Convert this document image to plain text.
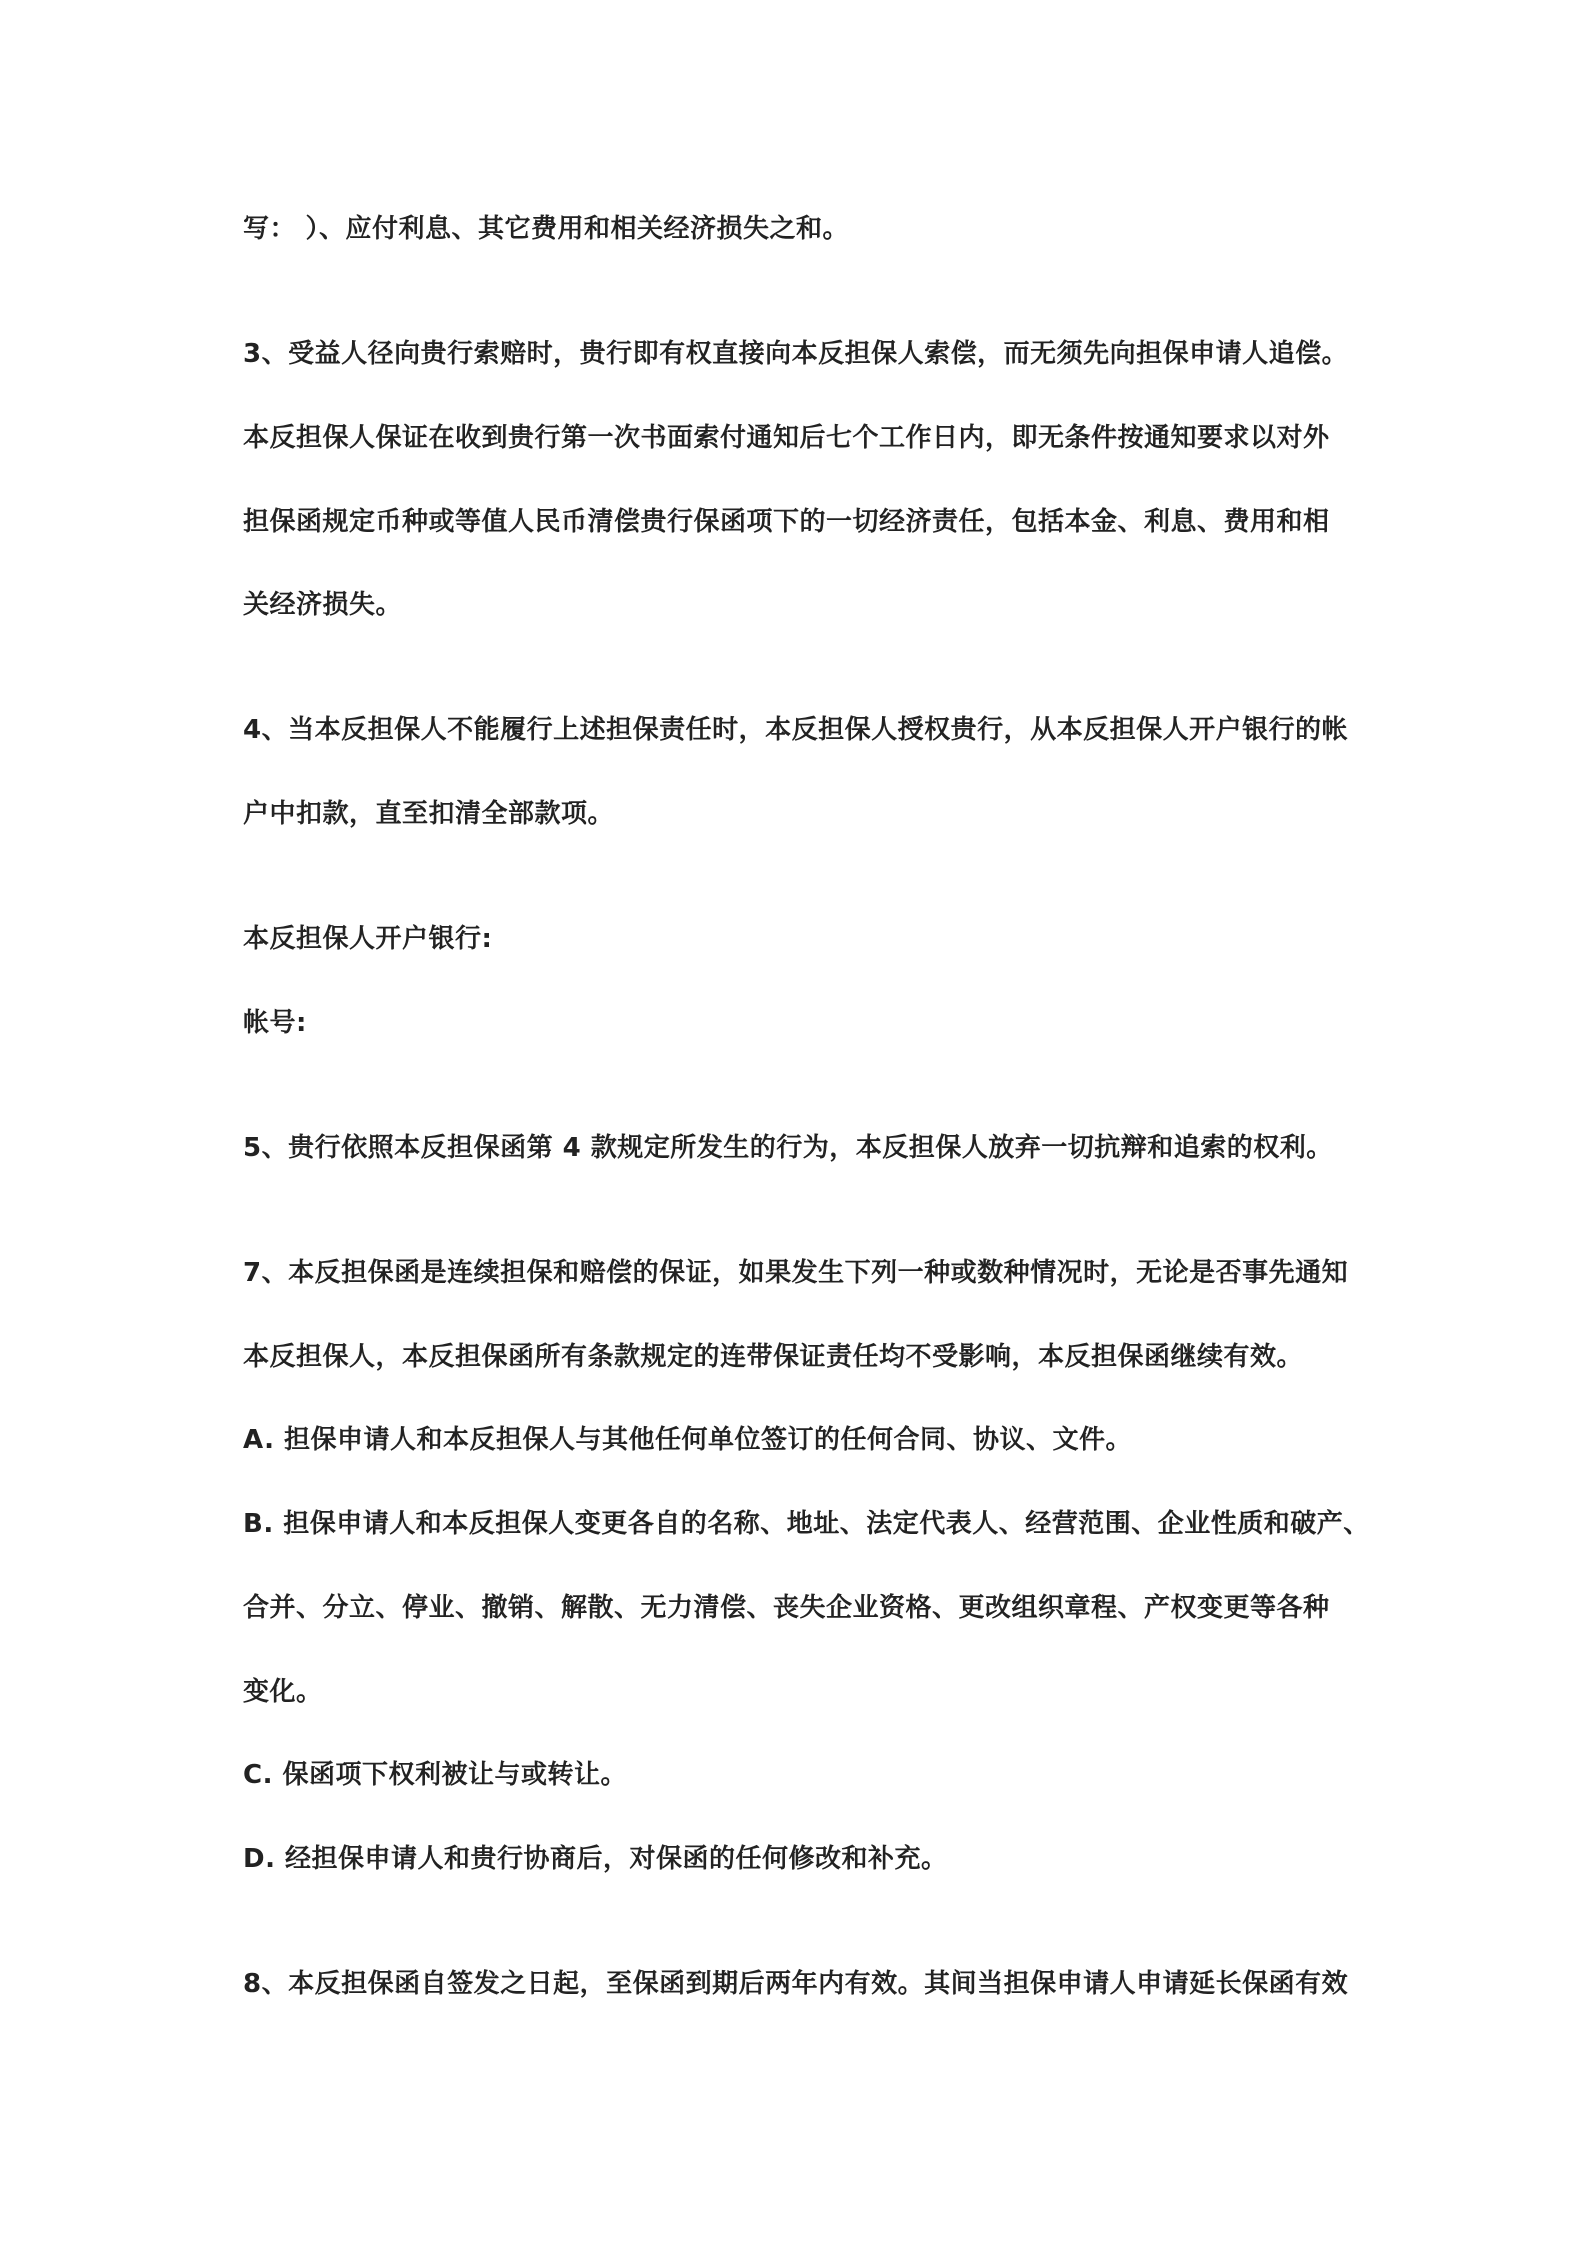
写： ）、应付利息、其它费用和相关经济损失之和。

3、受益人径向贵行索赔时，贵行即有权直接向本反担保人索偿，而无须先向担保申请人追偿。

本反担保人保证在收到贵行第一次书面索付通知后七个工作日内，即无条件按通知要求以对外

担保函规定币种或等值人民币清偿贵行保函项下的一切经济责任，包括本金、利息、费用和相

关经济损失。

4、当本反担保人不能履行上述担保责任时，本反担保人授权贵行，从本反担保人开户银行的帐

户中扣款，直至扣清全部款项。

本反担保人开户银行:

帐号:

5、贵行依照本反担保函第 4 款规定所发生的行为，本反担保人放弃一切抗辩和追索的权利。

7、本反担保函是连续担保和赔偿的保证，如果发生下列一种或数种情况时，无论是否事先通知

本反担保人，本反担保函所有条款规定的连带保证责任均不受影响，本反担保函继续有效。

A. 担保申请人和本反担保人与其他任何单位签订的任何合同、协议、文件。

B. 担保申请人和本反担保人变更各自的名称、地址、法定代表人、经营范围、企业性质和破产、

合并、分立、停业、撤销、解散、无力清偿、丧失企业资格、更改组织章程、产权变更等各种

变化。

C. 保函项下权利被让与或转让。

D. 经担保申请人和贵行协商后，对保函的任何修改和补充。

8、本反担保函自签发之日起，至保函到期后两年内有效。其间当担保申请人申请延长保函有效
